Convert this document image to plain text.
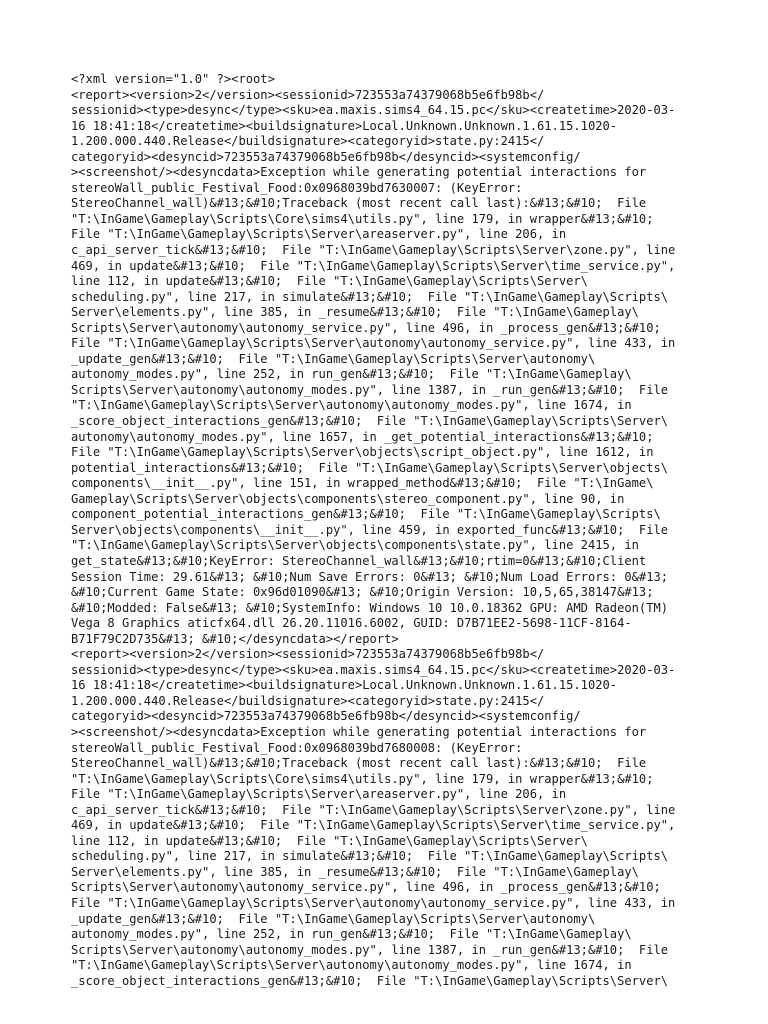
<?xml version="1.0" ?><root>
<report><version>2</version><sessionid>723553a74379068b5e6fb98b</
sessionid><type>desync</type><sku>ea.maxis.sims4_64.15.pc</sku><createtime>2020-03-
16 18:41:18</createtime><buildsignature>Local.Unknown.Unknown.1.61.15.1020-
1.200.000.440.Release</buildsignature><categoryid>state.py:2415</
categoryid><desyncid>723553a74379068b5e6fb98b</desyncid><systemconfig/
><screenshot/><desyncdata>Exception while generating potential interactions for
stereoWall_public_Festival_Food:0x0968039bd7630007: (KeyError:
StereoChannel_wall)&#13;&#10;Traceback (most recent call last):&#13;&#10;  File
"T:\InGame\Gameplay\Scripts\Core\sims4\utils.py", line 179, in wrapper&#13;&#10;
File "T:\InGame\Gameplay\Scripts\Server\areaserver.py", line 206, in
c_api_server_tick&#13;&#10;  File "T:\InGame\Gameplay\Scripts\Server\zone.py", line
469, in update&#13;&#10;  File "T:\InGame\Gameplay\Scripts\Server\time_service.py",
line 112, in update&#13;&#10;  File "T:\InGame\Gameplay\Scripts\Server\
scheduling.py", line 217, in simulate&#13;&#10;  File "T:\InGame\Gameplay\Scripts\
Server\elements.py", line 385, in _resume&#13;&#10;  File "T:\InGame\Gameplay\
Scripts\Server\autonomy\autonomy_service.py", line 496, in _process_gen&#13;&#10;
File "T:\InGame\Gameplay\Scripts\Server\autonomy\autonomy_service.py", line 433, in
_update_gen&#13;&#10;  File "T:\InGame\Gameplay\Scripts\Server\autonomy\
autonomy_modes.py", line 252, in run_gen&#13;&#10;  File "T:\InGame\Gameplay\
Scripts\Server\autonomy\autonomy_modes.py", line 1387, in _run_gen&#13;&#10;  File
"T:\InGame\Gameplay\Scripts\Server\autonomy\autonomy_modes.py", line 1674, in
_score_object_interactions_gen&#13;&#10;  File "T:\InGame\Gameplay\Scripts\Server\
autonomy\autonomy_modes.py", line 1657, in _get_potential_interactions&#13;&#10;
File "T:\InGame\Gameplay\Scripts\Server\objects\script_object.py", line 1612, in
potential_interactions&#13;&#10;  File "T:\InGame\Gameplay\Scripts\Server\objects\
components\__init__.py", line 151, in wrapped_method&#13;&#10;  File "T:\InGame\
Gameplay\Scripts\Server\objects\components\stereo_component.py", line 90, in
component_potential_interactions_gen&#13;&#10;  File "T:\InGame\Gameplay\Scripts\
Server\objects\components\__init__.py", line 459, in exported_func&#13;&#10;  File
"T:\InGame\Gameplay\Scripts\Server\objects\components\state.py", line 2415, in
get_state&#13;&#10;KeyError: StereoChannel_wall&#13;&#10;rtim=0&#13;&#10;Client
Session Time: 29.61&#13; &#10;Num Save Errors: 0&#13; &#10;Num Load Errors: 0&#13;
&#10;Current Game State: 0x96d01090&#13; &#10;Origin Version: 10,5,65,38147&#13;
&#10;Modded: False&#13; &#10;SystemInfo: Windows 10 10.0.18362 GPU: AMD Radeon(TM)
Vega 8 Graphics aticfx64.dll 26.20.11016.6002, GUID: D7B71EE2-5698-11CF-8164-
B71F79C2D735&#13; &#10;</desyncdata></report>
<report><version>2</version><sessionid>723553a74379068b5e6fb98b</
sessionid><type>desync</type><sku>ea.maxis.sims4_64.15.pc</sku><createtime>2020-03-
16 18:41:18</createtime><buildsignature>Local.Unknown.Unknown.1.61.15.1020-
1.200.000.440.Release</buildsignature><categoryid>state.py:2415</
categoryid><desyncid>723553a74379068b5e6fb98b</desyncid><systemconfig/
><screenshot/><desyncdata>Exception while generating potential interactions for
stereoWall_public_Festival_Food:0x0968039bd7680008: (KeyError:
StereoChannel_wall)&#13;&#10;Traceback (most recent call last):&#13;&#10;  File
"T:\InGame\Gameplay\Scripts\Core\sims4\utils.py", line 179, in wrapper&#13;&#10;
File "T:\InGame\Gameplay\Scripts\Server\areaserver.py", line 206, in
c_api_server_tick&#13;&#10;  File "T:\InGame\Gameplay\Scripts\Server\zone.py", line
469, in update&#13;&#10;  File "T:\InGame\Gameplay\Scripts\Server\time_service.py",
line 112, in update&#13;&#10;  File "T:\InGame\Gameplay\Scripts\Server\
scheduling.py", line 217, in simulate&#13;&#10;  File "T:\InGame\Gameplay\Scripts\
Server\elements.py", line 385, in _resume&#13;&#10;  File "T:\InGame\Gameplay\
Scripts\Server\autonomy\autonomy_service.py", line 496, in _process_gen&#13;&#10;
File "T:\InGame\Gameplay\Scripts\Server\autonomy\autonomy_service.py", line 433, in
_update_gen&#13;&#10;  File "T:\InGame\Gameplay\Scripts\Server\autonomy\
autonomy_modes.py", line 252, in run_gen&#13;&#10;  File "T:\InGame\Gameplay\
Scripts\Server\autonomy\autonomy_modes.py", line 1387, in _run_gen&#13;&#10;  File
"T:\InGame\Gameplay\Scripts\Server\autonomy\autonomy_modes.py", line 1674, in
_score_object_interactions_gen&#13;&#10;  File "T:\InGame\Gameplay\Scripts\Server\
